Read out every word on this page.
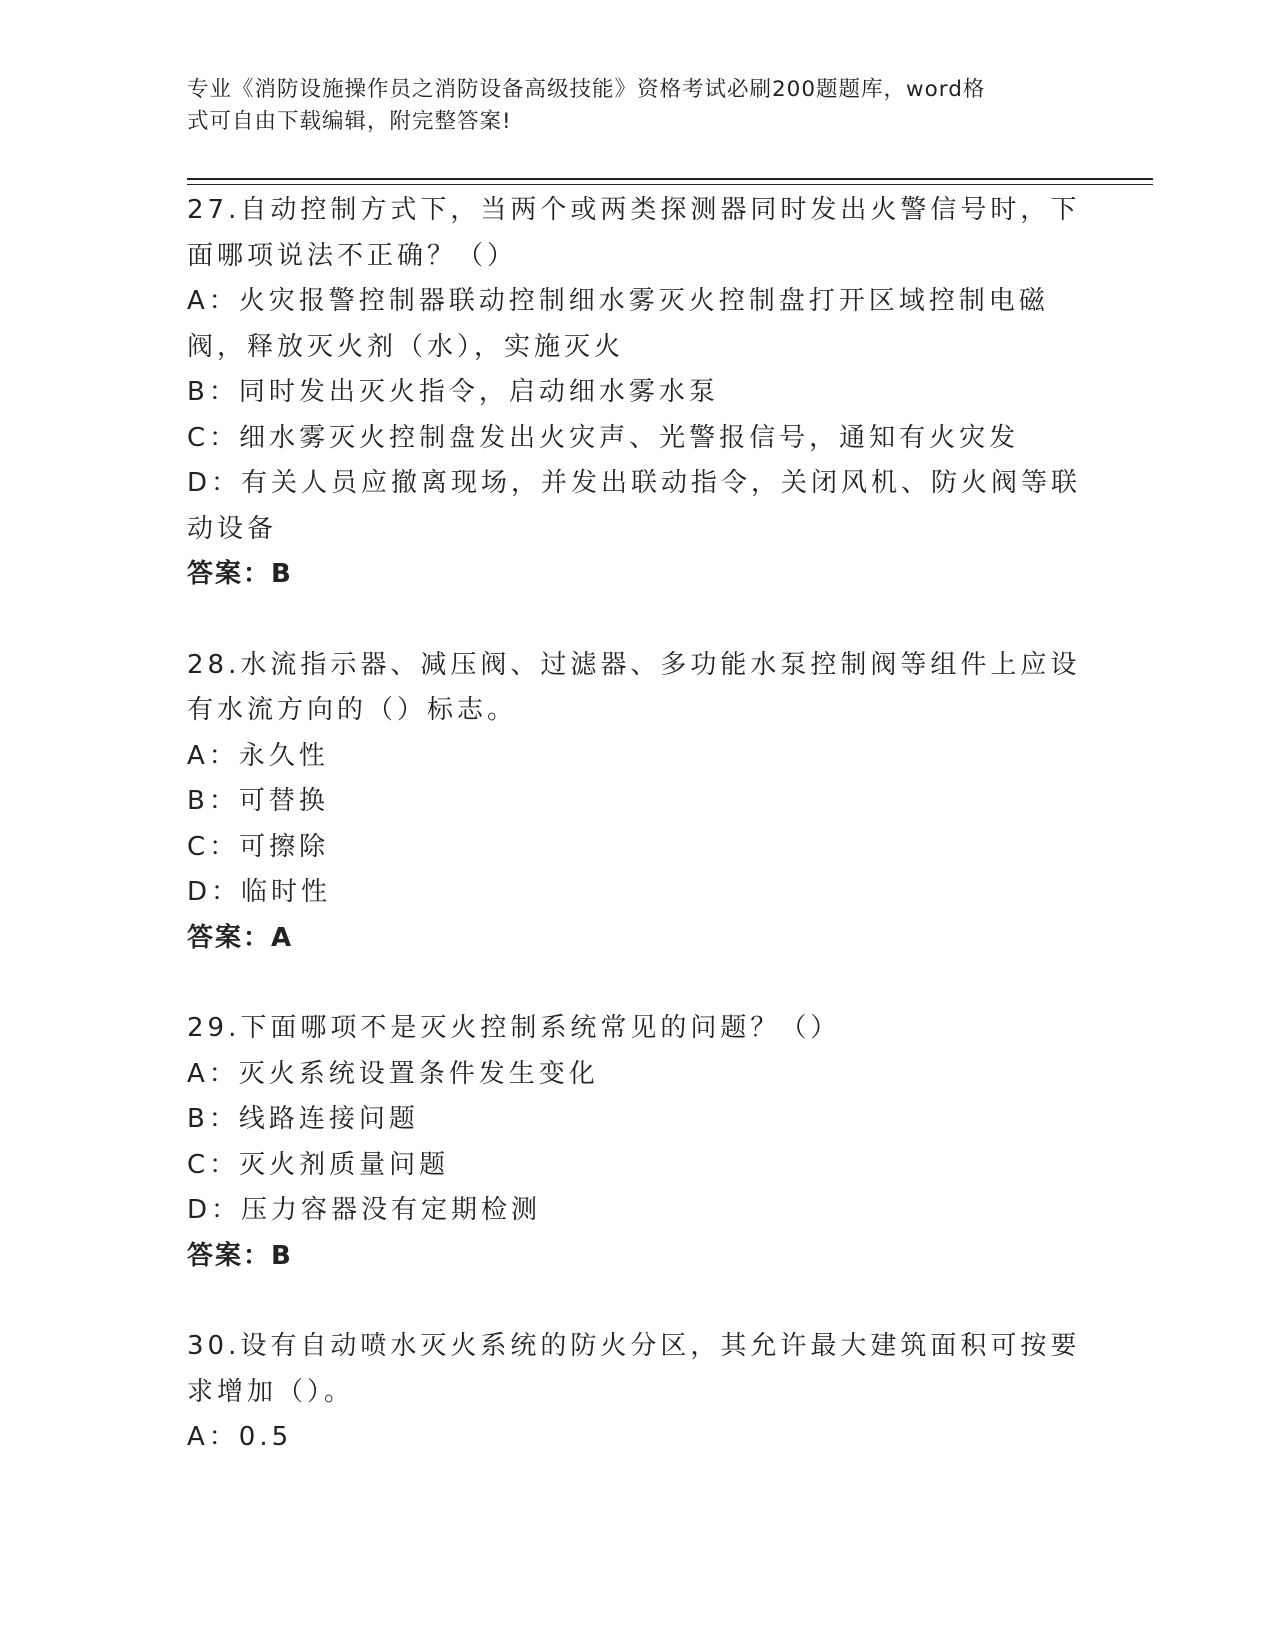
专业《消防设施操作员之消防设备高级技能》资格考试必刷200题题库，word格
式可自由下载编辑，附完整答案!

27.自动控制方式下，当两个或两类探测器同时发出火警信号时，下面哪项说法不正确？（）

A：火灾报警控制器联动控制细水雾灭火控制盘打开区域控制电磁阀，释放灭火剂（水），实施灭火

B：同时发出灭火指令，启动细水雾水泵

C：细水雾灭火控制盘发出火灾声、光警报信号，通知有火灾发

D：有关人员应撤离现场，并发出联动指令，关闭风机、防火阀等联动设备

答案：B

28.水流指示器、减压阀、过滤器、多功能水泵控制阀等组件上应设有水流方向的（）标志。

A：永久性

B：可替换

C：可擦除

D：临时性

答案：A

29.下面哪项不是灭火控制系统常见的问题？（）

A：灭火系统设置条件发生变化

B：线路连接问题

C：灭火剂质量问题

D：压力容器没有定期检测

答案：B

30.设有自动喷水灭火系统的防火分区，其允许最大建筑面积可按要求增加（）。

A：0.5
